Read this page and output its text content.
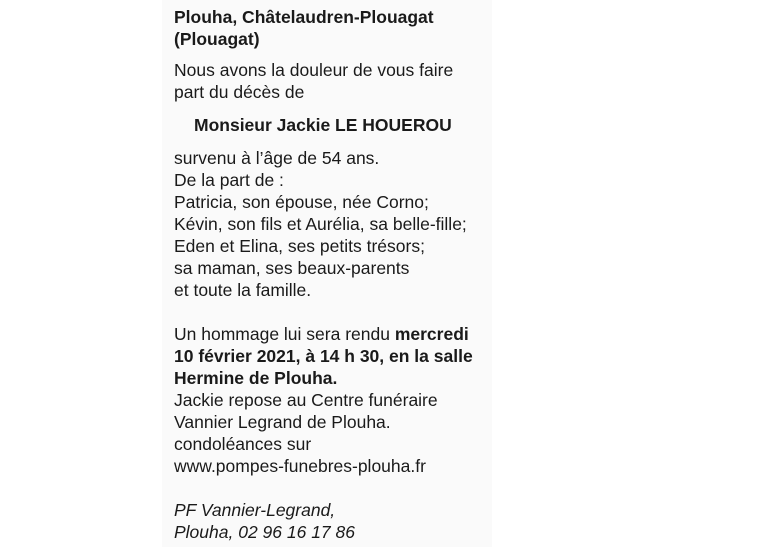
Plouha, Châtelaudren-Plouagat
(Plouagat)

Nous avons la douleur de vous faire
part du décès de

Monsieur Jackie LE HOUEROU

survenu à l’âge de 54 ans.
De la part de :
Patricia, son épouse, née Corno;
Kévin, son fils et Aurélia, sa belle-fille;
Eden et Elina, ses petits trésors;
sa maman, ses beaux-parents
et toute la famille.

Un hommage lui sera rendu mercredi
10 février 2021, à 14 h 30, en la salle
Hermine de Plouha.
Jackie repose au Centre funéraire
Vannier Legrand de Plouha.
condoléances sur
www.pompes-funebres-plouha.fr

PF Vannier-Legrand,
Plouha, 02 96 16 17 86
